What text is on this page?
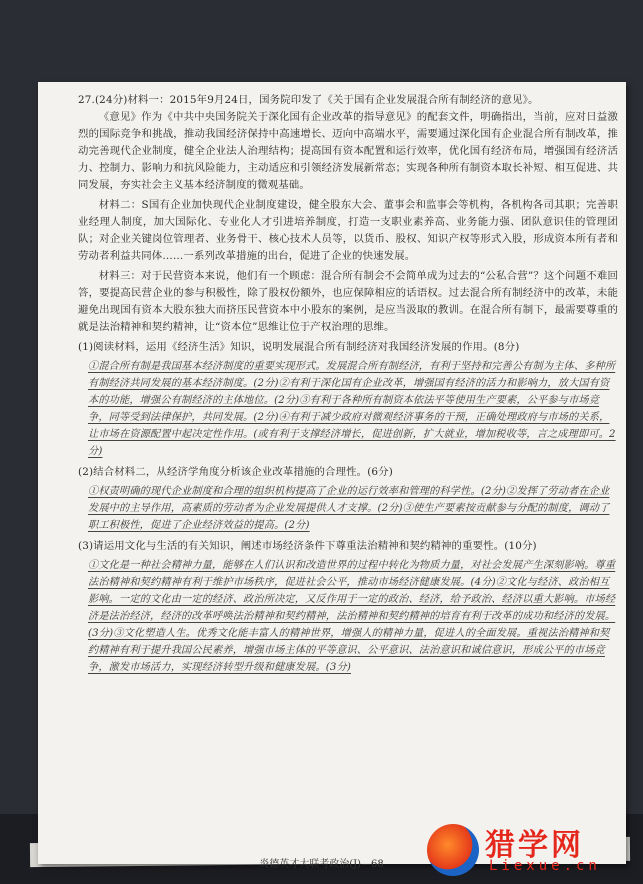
27.(24分)材料一：2015年9月24日，国务院印发了《关于国有企业发展混合所有制经济的意见》。

《意见》作为《中共中央国务院关于深化国有企业改革的指导意见》的配套文件，明确指出，当前，应对日益激烈的国际竞争和挑战，推动我国经济保持中高速增长、迈向中高端水平，需要通过深化国有企业混合所有制改革，推动完善现代企业制度，健全企业法人治理结构；提高国有资本配置和运行效率，优化国有经济布局，增强国有经济活力、控制力、影响力和抗风险能力，主动适应和引领经济发展新常态；实现各种所有制资本取长补短、相互促进、共同发展，夯实社会主义基本经济制度的微观基础。

材料二：S国有企业加快现代企业制度建设，健全股东大会、董事会和监事会等机构，各机构各司其职；完善职业经理人制度，加大国际化、专业化人才引进培养制度，打造一支职业素养高、业务能力强、团队意识佳的管理团队；对企业关键岗位管理者、业务骨干、核心技术人员等，以货币、股权、知识产权等形式入股，形成资本所有者和劳动者利益共同体……一系列改革措施的出台，促进了企业的快速发展。

材料三：对于民营资本来说，他们有一个顾虑：混合所有制会不会简单成为过去的“公私合营”？这个问题不难回答，要提高民营企业的参与积极性，除了股权份额外，也应保障相应的话语权。过去混合所有制经济中的改革，未能避免出现国有资本大股东独大而挤压民营资本中小股东的案例，是应当汲取的教训。在混合所有制下，最需要尊重的就是法治精神和契约精神，让“资本位”思维让位于产权治理的思维。

(1)阅读材料，运用《经济生活》知识，说明发展混合所有制经济对我国经济发展的作用。(8分)

①混合所有制是我国基本经济制度的重要实现形式。发展混合所有制经济，有利于坚持和完善公有制为主体、多种所有制经济共同发展的基本经济制度。(2分)②有利于深化国有企业改革，增强国有经济的活力和影响力，放大国有资本的功能，增强公有制经济的主体地位。(2分)③有利于各种所有制资本依法平等使用生产要素，公平参与市场竞争，同等受到法律保护，共同发展。(2分)④有利于减少政府对微观经济事务的干预，正确处理政府与市场的关系，让市场在资源配置中起决定性作用。(或有利于支撑经济增长，促进创新，扩大就业，增加税收等，言之成理即可。2分)

(2)结合材料二，从经济学角度分析该企业改革措施的合理性。(6分)

①权责明确的现代企业制度和合理的组织机构提高了企业的运行效率和管理的科学性。(2分)②发挥了劳动者在企业发展中的主导作用，高素质的劳动者为企业发展提供人才支撑。(2分)③使生产要素按贡献参与分配的制度，调动了职工积极性，促进了企业经济效益的提高。(2分)

(3)请运用文化与生活的有关知识，阐述市场经济条件下尊重法治精神和契约精神的重要性。(10分)

①文化是一种社会精神力量，能够在人们认识和改造世界的过程中转化为物质力量，对社会发展产生深刻影响。尊重法治精神和契约精神有利于维护市场秩序，促进社会公平，推动市场经济健康发展。(4分)②文化与经济、政治相互影响。一定的文化由一定的经济、政治所决定，又反作用于一定的政治、经济，给予政治、经济以重大影响。市场经济是法治经济，经济的改革呼唤法治精神和契约精神，法治精神和契约精神的培育有利于改革的成功和经济的发展。(3分)③文化塑造人生。优秀文化能丰富人的精神世界，增强人的精神力量，促进人的全面发展。重视法治精神和契约精神有利于提升我国公民素养，增强市场主体的平等意识、公平意识、法治意识和诚信意识，形成公平的市场竞争，激发市场活力，实现经济转型升级和健康发展。(3分)
炎德英才大联考政治(J)—68
猎学网
Liexue.cn
